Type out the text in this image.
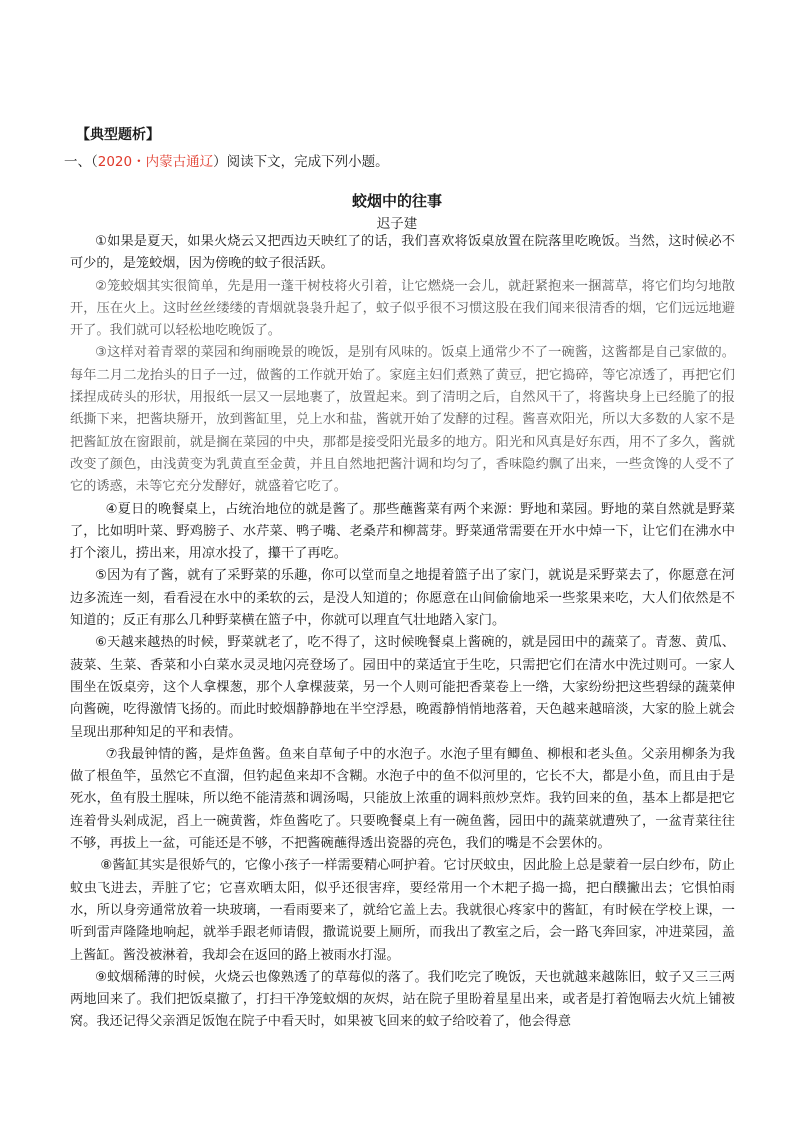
【典型题析】
一、（2020・内蒙古通辽）阅读下文，完成下列小题。
蛟烟中的往事
迟子建

①如果是夏天，如果火烧云又把西边天映红了的话，我们喜欢将饭桌放置在院落里吃晚饭。当然，这时候必不可少的，是笼蛟烟，因为傍晚的蚊子很活跃。

②笼蛟烟其实很简单，先是用一蓬干树枝将火引着，让它燃烧一会儿，就赶紧抱来一捆蒿草，将它们均匀地散开，压在火上。这时丝丝缕缕的青烟就袅袅升起了，蚊子似乎很不习惯这股在我们闻来很清香的烟，它们远远地避开了。我们就可以轻松地吃晚饭了。

③这样对着青翠的菜园和绚丽晚景的晚饭，是别有风味的。饭桌上通常少不了一碗酱，这酱都是自己家做的。每年二月二龙抬头的日子一过，做酱的工作就开始了。家庭主妇们煮熟了黄豆，把它捣碎，等它凉透了，再把它们揉捏成砖头的形状，用报纸一层又一层地裹了，放置起来。到了清明之后，自然风干了，将酱块身上已经脆了的报纸撕下来，把酱块掰开，放到酱缸里，兑上水和盐，酱就开始了发酵的过程。酱喜欢阳光，所以大多数的人家不是把酱缸放在窗跟前，就是搁在菜园的中央，那都是接受阳光最多的地方。阳光和风真是好东西，用不了多久，酱就改变了颜色，由浅黄变为乳黄直至金黄，并且自然地把酱汁调和均匀了，香味隐约飘了出来，一些贪馋的人受不了它的诱惑，未等它充分发酵好，就盛着它吃了。

④夏日的晚餐桌上，占统治地位的就是酱了。那些蘸酱菜有两个来源：野地和菜园。野地的菜自然就是野菜了，比如明叶菜、野鸡膀子、水芹菜、鸭子嘴、老桑芹和柳蒿芽。野菜通常需要在开水中焯一下，让它们在沸水中打个滚儿，捞出来，用凉水投了，攥干了再吃。

⑤因为有了酱，就有了采野菜的乐趣，你可以堂而皇之地提着篮子出了家门，就说是采野菜去了，你愿意在河边多流连一刻，看看浸在水中的柔软的云，是没人知道的；你愿意在山间偷偷地采一些浆果来吃，大人们依然是不知道的；反正有那么几种野菜横在篮子中，你就可以理直气壮地踏入家门。

⑥天越来越热的时候，野菜就老了，吃不得了，这时候晚餐桌上酱碗的，就是园田中的蔬菜了。青葱、黄瓜、菠菜、生菜、香菜和小白菜水灵灵地闪亮登场了。园田中的菜适宜于生吃，只需把它们在清水中洗过则可。一家人围坐在饭桌旁，这个人拿棵葱，那个人拿棵菠菜，另一个人则可能把香菜卷上一绺，大家纷纷把这些碧绿的蔬菜伸向酱碗，吃得激情飞扬的。而此时蛟烟静静地在半空浮悬，晚霞静悄悄地落着，天色越来越暗淡，大家的脸上就会呈现出那种知足的平和表情。

⑦我最钟情的酱，是炸鱼酱。鱼来自草甸子中的水泡子。水泡子里有鲫鱼、柳根和老头鱼。父亲用柳条为我做了根鱼竿，虽然它不直溜，但钓起鱼来却不含糊。水泡子中的鱼不似河里的，它长不大，都是小鱼，而且由于是死水，鱼有股土腥味，所以绝不能清蒸和调汤喝，只能放上浓重的调料煎炒烹炸。我钓回来的鱼，基本上都是把它连着骨头剁成泥，舀上一碗黄酱，炸鱼酱吃了。只要晚餐桌上有一碗鱼酱，园田中的蔬菜就遭殃了，一盆青菜往往不够，再拔上一盆，可能还是不够，不把酱碗蘸得透出瓷器的亮色，我们的嘴是不会罢休的。

⑧酱缸其实是很娇气的，它像小孩子一样需要精心呵护着。它讨厌蚊虫，因此脸上总是蒙着一层白纱布，防止蚊虫飞进去，弄脏了它；它喜欢晒太阳，似乎还很害痒，要经常用一个木耙子捣一捣，把白醭撇出去；它惧怕雨水，所以身旁通常放着一块玻璃，一看雨要来了，就给它盖上去。我就很心疼家中的酱缸，有时候在学校上课，一听到雷声隆隆地响起，就举手跟老师请假，撒谎说要上厕所，而我出了教室之后，会一路飞奔回家，冲进菜园，盖上酱缸。酱没被淋着，我却会在返回的路上被雨水打湿。

⑨蚊烟稀薄的时候，火烧云也像熟透了的草莓似的落了。我们吃完了晚饭，天也就越来越陈旧，蚊子又三三两两地回来了。我们把饭桌撤了，打扫干净笼蚊烟的灰烬，站在院子里盼着星星出来，或者是打着饱嗝去火炕上铺被窝。我还记得父亲酒足饭饱在院子中看天时，如果被飞回来的蚊子给咬着了，他会得意
